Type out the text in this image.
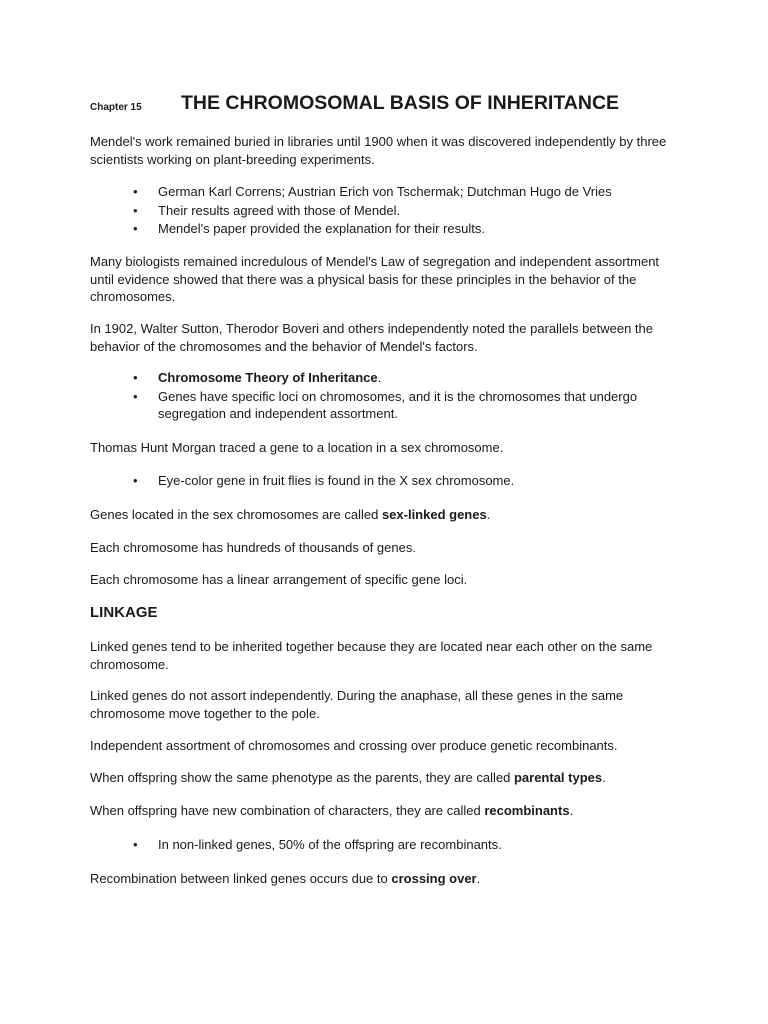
Chapter 15 THE CHROMOSOMAL BASIS OF INHERITANCE

Mendel's work remained buried in libraries until 1900 when it was discovered independently by three scientists working on plant-breeding experiments.

• German Karl Correns; Austrian Erich von Tschermak; Dutchman Hugo de Vries
• Their results agreed with those of Mendel.
• Mendel's paper provided the explanation for their results.

Many biologists remained incredulous of Mendel's Law of segregation and independent assortment until evidence showed that there was a physical basis for these principles in the behavior of the chromosomes.

In 1902, Walter Sutton, Therodor Boveri and others independently noted the parallels between the behavior of the chromosomes and the behavior of Mendel's factors.

• Chromosome Theory of Inheritance.
• Genes have specific loci on chromosomes, and it is the chromosomes that undergo segregation and independent assortment.

Thomas Hunt Morgan traced a gene to a location in a sex chromosome.

• Eye-color gene in fruit flies is found in the X sex chromosome.

Genes located in the sex chromosomes are called sex-linked genes.

Each chromosome has hundreds of thousands of genes.

Each chromosome has a linear arrangement of specific gene loci.

LINKAGE

Linked genes tend to be inherited together because they are located near each other on the same chromosome.

Linked genes do not assort independently. During the anaphase, all these genes in the same chromosome move together to the pole.

Independent assortment of chromosomes and crossing over produce genetic recombinants.

When offspring show the same phenotype as the parents, they are called parental types.

When offspring have new combination of characters, they are called recombinants.

• In non-linked genes, 50% of the offspring are recombinants.

Recombination between linked genes occurs due to crossing over.
